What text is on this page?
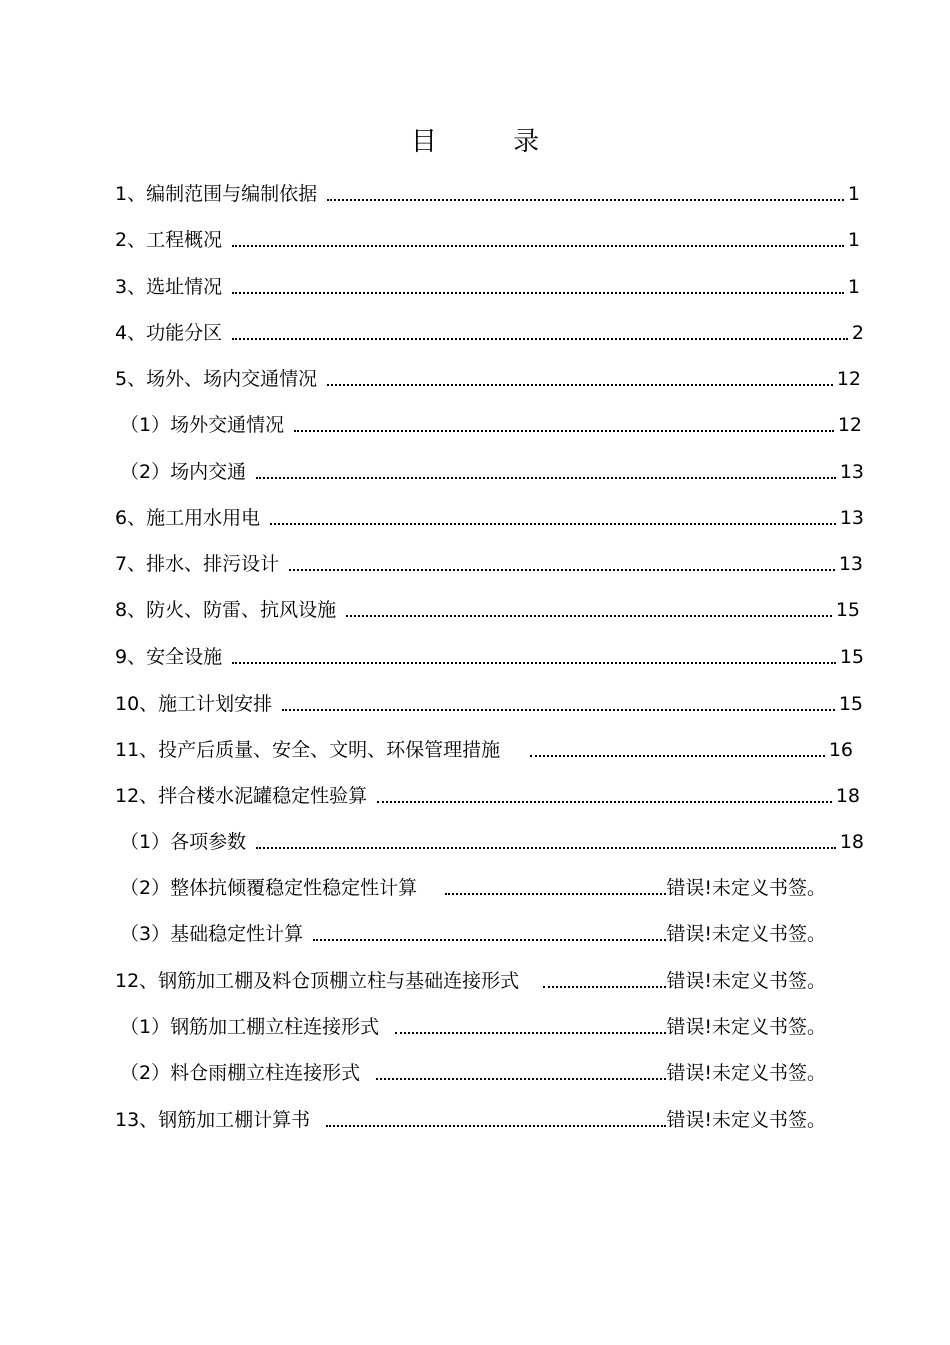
目 录
1、编制范围与编制依据	1
2、工程概况	1
3、选址情况	1
4、功能分区	2
5、场外、场内交通情况	12
（1）场外交通情况	12
（2）场内交通	13
6、施工用水用电	13
7、排水、排污设计	13
8、防火、防雷、抗风设施	15
9、安全设施	15
10、施工计划安排	15
11、投产后质量、安全、文明、环保管理措施	16
12、拌合楼水泥罐稳定性验算	18
（1）各项参数	18
（2）整体抗倾覆稳定性稳定性计算	错误!未定义书签。
（3）基础稳定性计算	错误!未定义书签。
12、钢筋加工棚及料仓顶棚立柱与基础连接形式	错误!未定义书签。
（1）钢筋加工棚立柱连接形式	错误!未定义书签。
（2）料仓雨棚立柱连接形式	错误!未定义书签。
13、钢筋加工棚计算书	错误!未定义书签。
